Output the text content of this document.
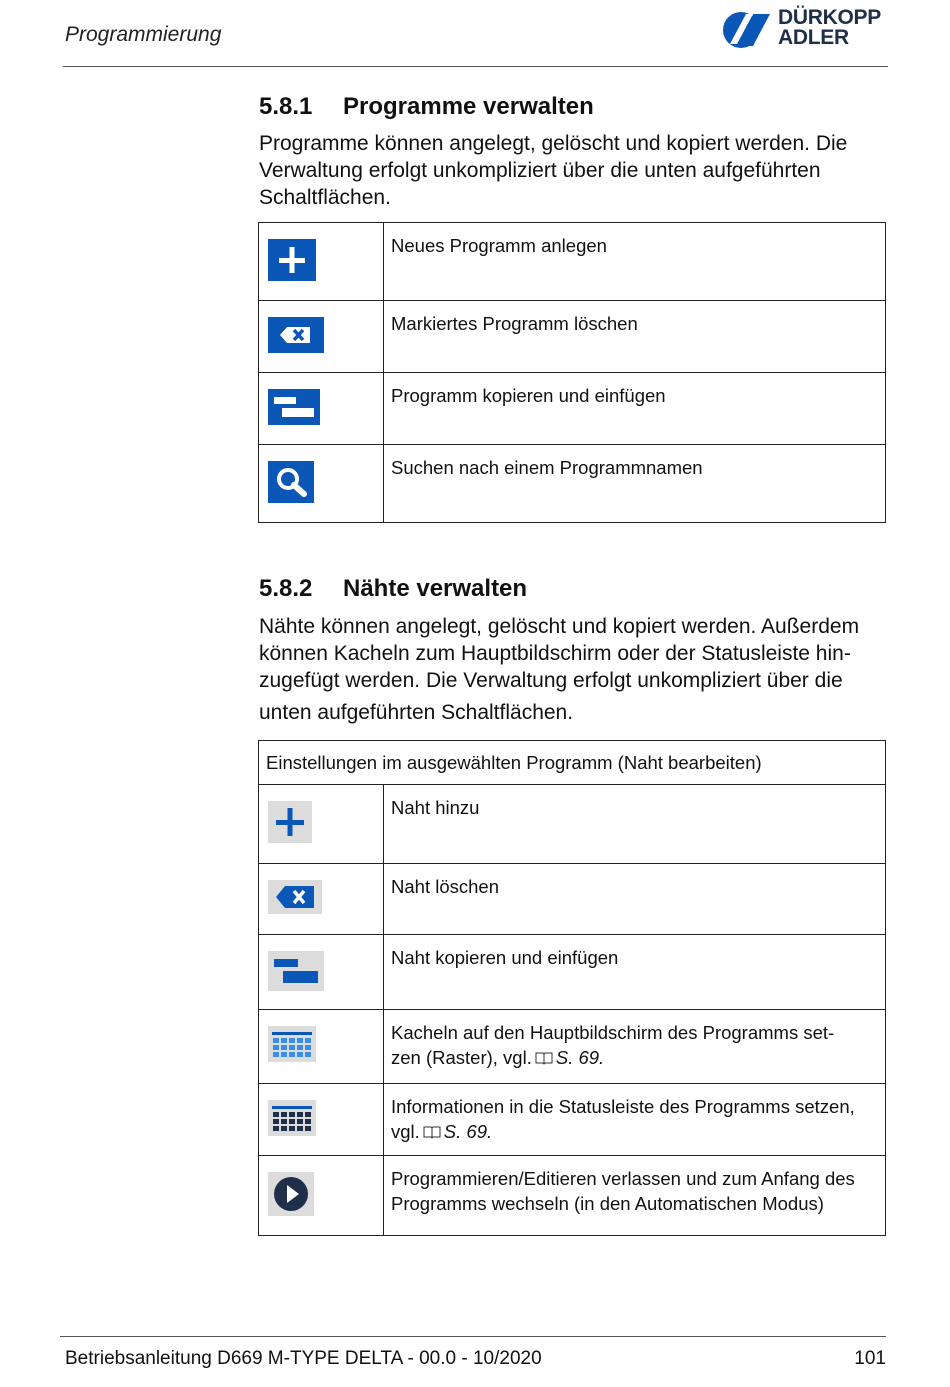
Programmierung
DÜRKOPP
ADLER
5.8.1 Programme verwalten

Programme können angelegt, gelöscht und kopiert werden. Die
Verwaltung erfolgt unkompliziert über die unten aufgeführten
Schaltflächen.

	Neues Programm anlegen

	Markiertes Programm löschen

	Programm kopieren und einfügen

	Suchen nach einem Programmnamen
5.8.2 Nähte verwalten

Nähte können angelegt, gelöscht und kopiert werden. Außerdem
können Kacheln zum Hauptbildschirm oder der Statusleiste hin-
zugefügt werden. Die Verwaltung erfolgt unkompliziert über die
unten aufgeführten Schaltflächen.

Einstellungen im ausgewählten Programm (Naht bearbeiten)	

	Naht hinzu

	Naht löschen

	Naht kopieren und einfügen

	Kacheln auf den Hauptbildschirm des Programms set-
zen (Raster), vgl. S. 69.

	Informationen in die Statusleiste des Programms setzen,
vgl. S. 69.

	Programmieren/Editieren verlassen und zum Anfang des
Programms wechseln (in den Automatischen Modus)
Betriebsanleitung D669 M-TYPE DELTA - 00.0 - 10/2020	101
